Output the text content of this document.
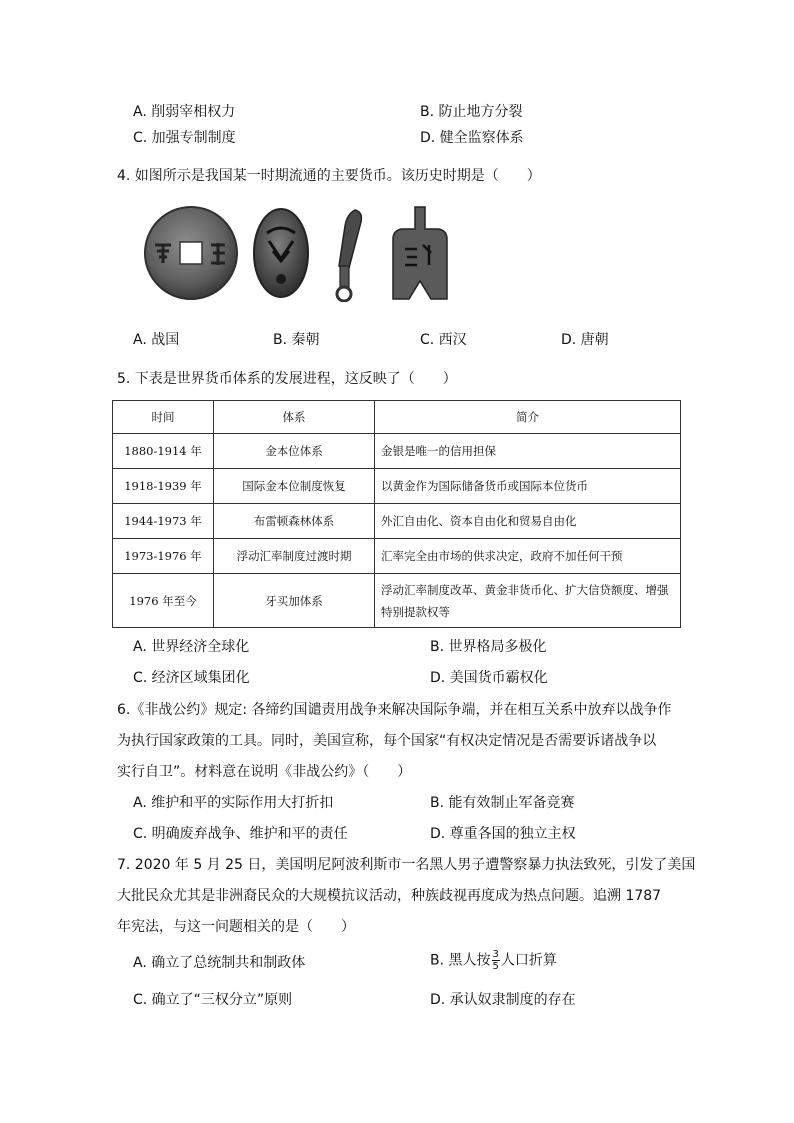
A. 削弱宰相权力	B. 防止地方分裂
C. 加强专制制度	D. 健全监察体系
4. 如图所示是我国某一时期流通的主要货币。该历史时期是（　　）
A. 战国	B. 秦朝	C. 西汉	D. 唐朝
5. 下表是世界货币体系的发展进程，这反映了（　　）
时间	体系	简介
1880-1914 年	金本位体系	金银是唯一的信用担保
1918-1939 年	国际金本位制度恢复	以黄金作为国际储备货币或国际本位货币
1944-1973 年	布雷顿森林体系	外汇自由化、资本自由化和贸易自由化
1973-1976 年	浮动汇率制度过渡时期	汇率完全由市场的供求决定，政府不加任何干预
1976 年至今	牙买加体系	浮动汇率制度改革、黄金非货币化、扩大信贷额度、增强特别提款权等
A. 世界经济全球化	B. 世界格局多极化
C. 经济区域集团化	D. 美国货币霸权化
6.《非战公约》规定: 各缔约国谴责用战争来解决国际争端，并在相互关系中放弃以战争作
为执行国家政策的工具。同时，美国宣称，每个国家“有权决定情况是否需要诉诸战争以
实行自卫”。材料意在说明《非战公约》（　　）
A. 维护和平的实际作用大打折扣	B. 能有效制止军备竞赛
C. 明确废弃战争、维护和平的责任	D. 尊重各国的独立主权
7. 2020 年 5 月 25 日，美国明尼阿波利斯市一名黑人男子遭警察暴力执法致死，引发了美国
大批民众尤其是非洲裔民众的大规模抗议活动，种族歧视再度成为热点问题。追溯 1787
年宪法，与这一问题相关的是（　　）
A. 确立了总统制共和制政体	B. 黑人按 $\frac{3}{5}$ 人口折算
C. 确立了“三权分立”原则	D. 承认奴隶制度的存在
